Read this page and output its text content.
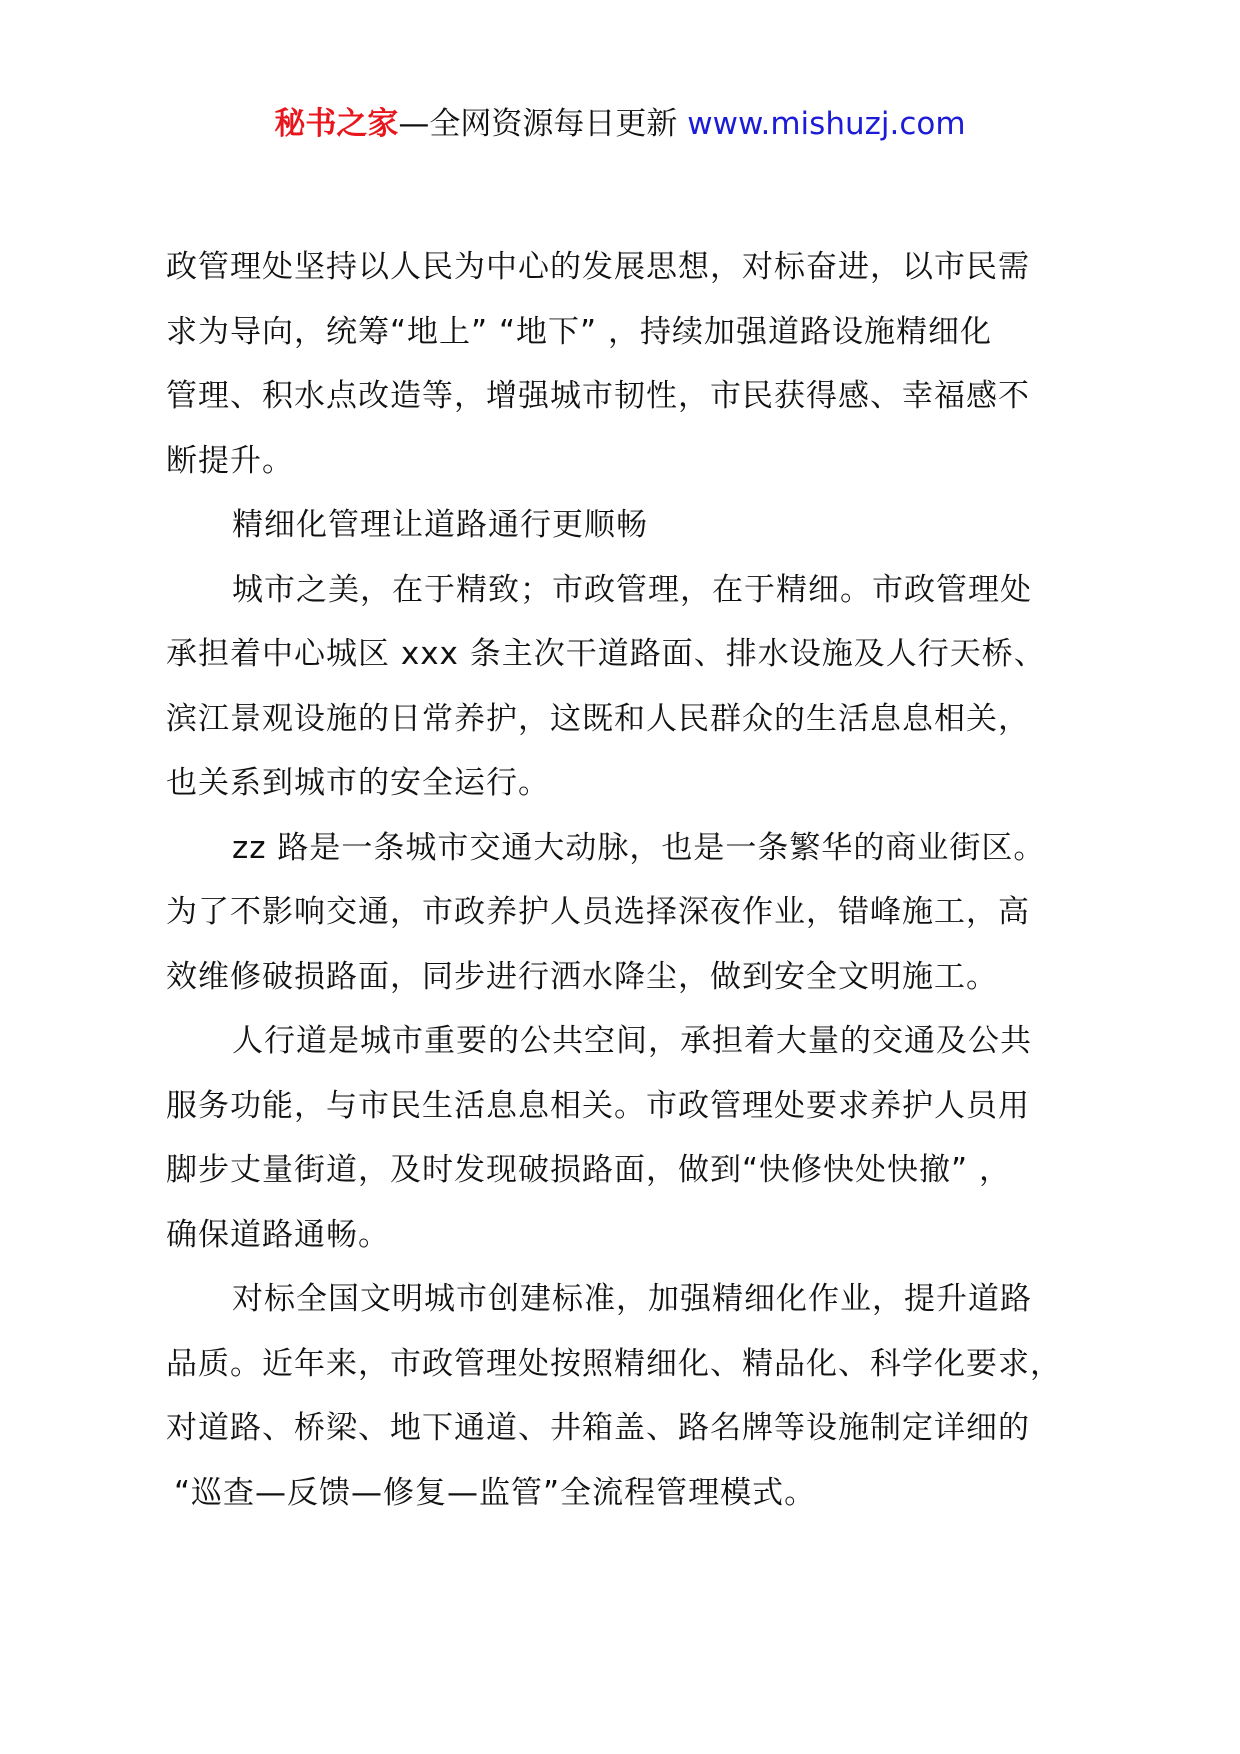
秘书之家—全网资源每日更新 www.mishuzj.com
政管理处坚持以人民为中心的发展思想，对标奋进，以市民需
求为导向，统筹“地上” “地下” ，持续加强道路设施精细化
管理、积水点改造等，增强城市韧性，市民获得感、幸福感不
断提升。
精细化管理让道路通行更顺畅
城市之美，在于精致；市政管理，在于精细。市政管理处
承担着中心城区 xxx 条主次干道路面、排水设施及人行天桥、
滨江景观设施的日常养护，这既和人民群众的生活息息相关，
也关系到城市的安全运行。
zz 路是一条城市交通大动脉，也是一条繁华的商业街区。
为了不影响交通，市政养护人员选择深夜作业，错峰施工，高
效维修破损路面，同步进行洒水降尘，做到安全文明施工。
人行道是城市重要的公共空间，承担着大量的交通及公共
服务功能，与市民生活息息相关。市政管理处要求养护人员用
脚步丈量街道，及时发现破损路面，做到“快修快处快撤” ，
确保道路通畅。
对标全国文明城市创建标准，加强精细化作业，提升道路
品质。近年来，市政管理处按照精细化、精品化、科学化要求，
对道路、桥梁、地下通道、井箱盖、路名牌等设施制定详细的
“巡查—反馈—修复—监管”全流程管理模式。
